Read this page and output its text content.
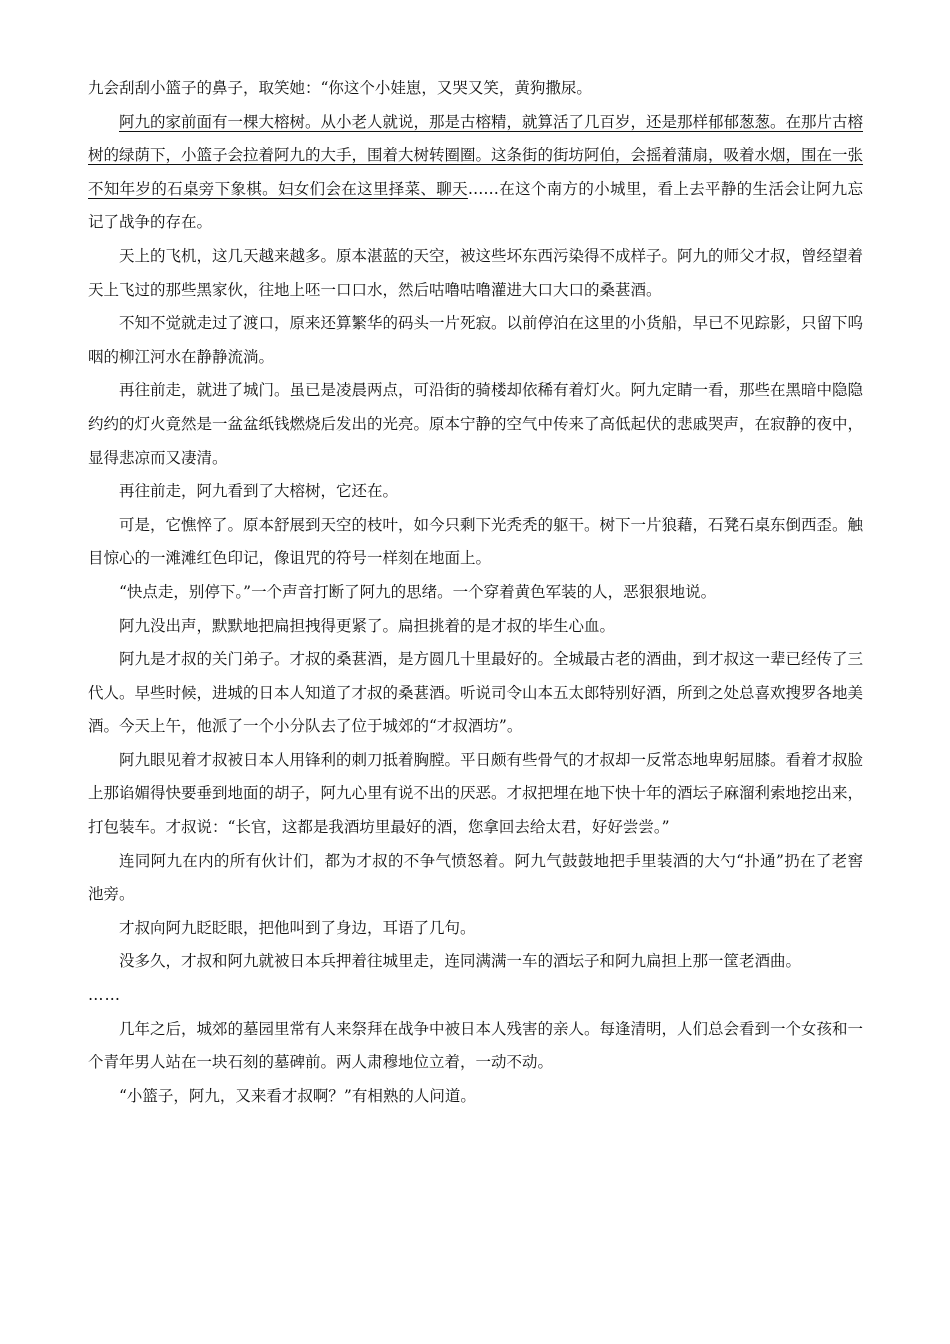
九会刮刮小篮子的鼻子，取笑她：“你这个小娃崽，又哭又笑，黄狗撒尿。

阿九的家前面有一棵大榕树。从小老人就说，那是古榕精，就算活了几百岁，还是那样郁郁葱葱。在那片古榕树的绿荫下，小篮子会拉着阿九的大手，围着大树转圈圈。这条街的街坊阿伯，会摇着蒲扇，吸着水烟，围在一张不知年岁的石桌旁下象棋。妇女们会在这里择菜、聊天……在这个南方的小城里，看上去平静的生活会让阿九忘记了战争的存在。

天上的飞机，这几天越来越多。原本湛蓝的天空，被这些坏东西污染得不成样子。阿九的师父才叔，曾经望着天上飞过的那些黑家伙，往地上呸一口口水，然后咕噜咕噜灌进大口大口的桑葚酒。

不知不觉就走过了渡口，原来还算繁华的码头一片死寂。以前停泊在这里的小货船，早已不见踪影，只留下呜咽的柳江河水在静静流淌。

再往前走，就进了城门。虽已是凌晨两点，可沿街的骑楼却依稀有着灯火。阿九定睛一看，那些在黑暗中隐隐约约的灯火竟然是一盆盆纸钱燃烧后发出的光亮。原本宁静的空气中传来了高低起伏的悲戚哭声，在寂静的夜中，显得悲凉而又凄清。

再往前走，阿九看到了大榕树，它还在。

可是，它憔悴了。原本舒展到天空的枝叶，如今只剩下光秃秃的躯干。树下一片狼藉，石凳石桌东倒西歪。触目惊心的一滩滩红色印记，像诅咒的符号一样刻在地面上。

“快点走，别停下。”一个声音打断了阿九的思绪。一个穿着黄色军装的人，恶狠狠地说。

阿九没出声，默默地把扁担拽得更紧了。扁担挑着的是才叔的毕生心血。

阿九是才叔的关门弟子。才叔的桑葚酒，是方圆几十里最好的。全城最古老的酒曲，到才叔这一辈已经传了三代人。早些时候，进城的日本人知道了才叔的桑葚酒。听说司令山本五太郎特别好酒，所到之处总喜欢搜罗各地美酒。今天上午，他派了一个小分队去了位于城郊的“才叔酒坊”。

阿九眼见着才叔被日本人用锋利的刺刀抵着胸膛。平日颇有些骨气的才叔却一反常态地卑躬屈膝。看着才叔脸上那谄媚得快要垂到地面的胡子，阿九心里有说不出的厌恶。才叔把埋在地下快十年的酒坛子麻溜利索地挖出来，打包装车。才叔说：“长官，这都是我酒坊里最好的酒，您拿回去给太君，好好尝尝。”

连同阿九在内的所有伙计们，都为才叔的不争气愤怒着。阿九气鼓鼓地把手里装酒的大勺“扑通”扔在了老窖池旁。

才叔向阿九眨眨眼，把他叫到了身边，耳语了几句。

没多久，才叔和阿九就被日本兵押着往城里走，连同满满一车的酒坛子和阿九扁担上那一筐老酒曲。

……

几年之后，城郊的墓园里常有人来祭拜在战争中被日本人残害的亲人。每逢清明，人们总会看到一个女孩和一个青年男人站在一块石刻的墓碑前。两人肃穆地位立着，一动不动。

“小篮子，阿九，又来看才叔啊？”有相熟的人问道。
